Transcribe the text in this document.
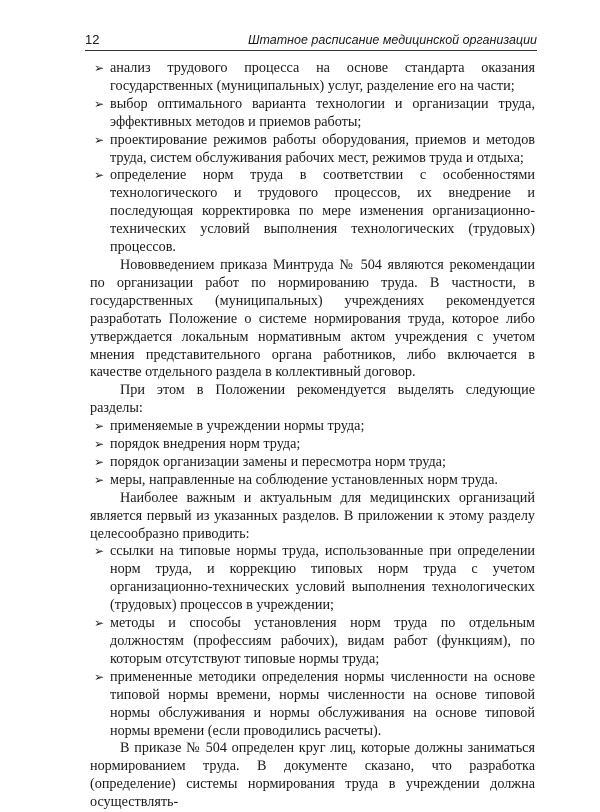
12	Штатное расписание медицинской организации
➢ анализ трудового процесса на основе стандарта оказания государственных (муниципальных) услуг, разделение его на части;
➢ выбор оптимального варианта технологии и организации труда, эффективных методов и приемов работы;
➢ проектирование режимов работы оборудования, приемов и методов труда, систем обслуживания рабочих мест, режимов труда и отдыха;
➢ определение норм труда в соответствии с особенностями технологического и трудового процессов, их внедрение и последующая корректировка по мере изменения организационно-технических условий выполнения технологических (трудовых) процессов.

Нововведением приказа Минтруда № 504 являются рекомендации по организации работ по нормированию труда. В частности, в государственных (муниципальных) учреждениях рекомендуется разработать Положение о системе нормирования труда, которое либо утверждается локальным нормативным актом учреждения с учетом мнения представительного органа работников, либо включается в качестве отдельного раздела в коллективный договор.

При этом в Положении рекомендуется выделять следующие разделы:

➢ применяемые в учреждении нормы труда;
➢ порядок внедрения норм труда;
➢ порядок организации замены и пересмотра норм труда;
➢ меры, направленные на соблюдение установленных норм труда.

Наиболее важным и актуальным для медицинских организаций является первый из указанных разделов. В приложении к этому разделу целесообразно приводить:

➢ ссылки на типовые нормы труда, использованные при определении норм труда, и коррекцию типовых норм труда с учетом организационно-технических условий выполнения технологических (трудовых) процессов в учреждении;
➢ методы и способы установления норм труда по отдельным должностям (профессиям рабочих), видам работ (функциям), по которым отсутствуют типовые нормы труда;
➢ примененные методики определения нормы численности на основе типовой нормы времени, нормы численности на основе типовой нормы обслуживания и нормы обслуживания на основе типовой нормы времени (если проводились расчеты).

В приказе № 504 определен круг лиц, которые должны заниматься нормированием труда. В документе сказано, что разработка (определение) системы нормирования труда в учреждении должна осуществлять-
